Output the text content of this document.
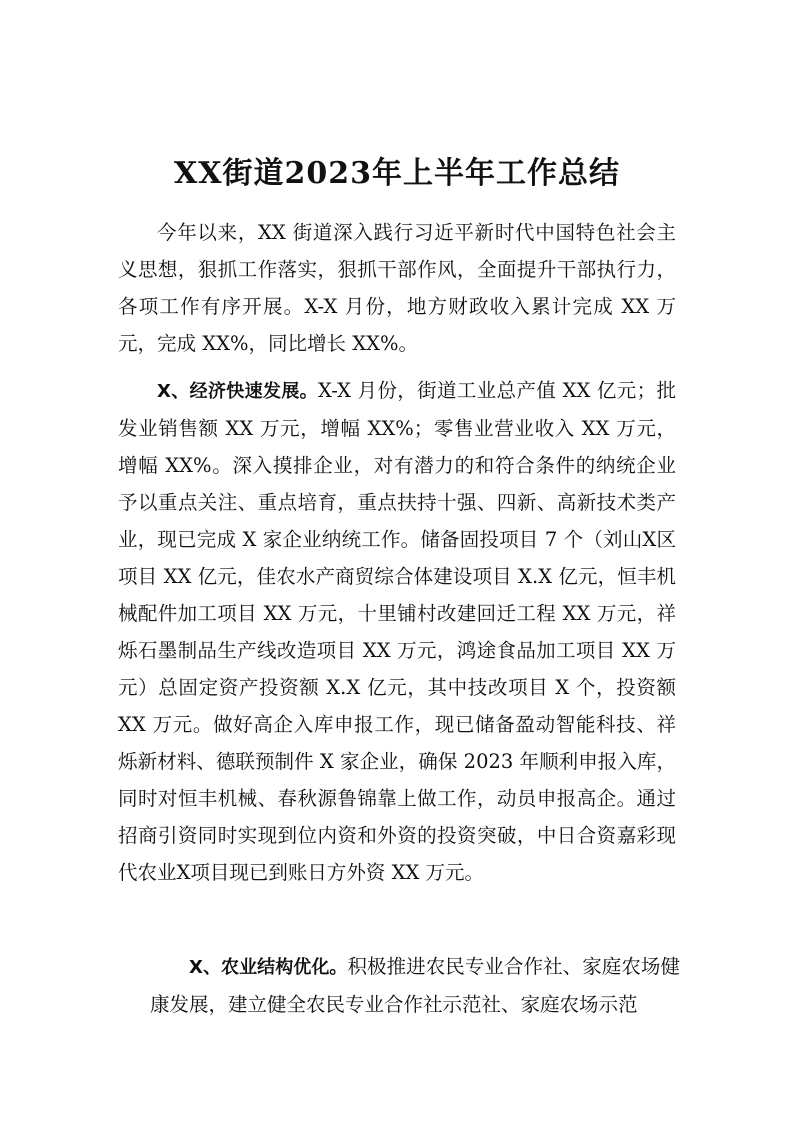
XX街道2023年上半年工作总结

今年以来，XX 街道深入践行习近平新时代中国特色社会主义思想，狠抓工作落实，狠抓干部作风，全面提升干部执行力，各项工作有序开展。X-X 月份，地方财政收入累计完成 XX 万元，完成 XX%，同比增长 XX%。

X、经济快速发展。X-X 月份，街道工业总产值 XX 亿元；批发业销售额 XX 万元，增幅 XX%；零售业营业收入 XX 万元，增幅 XX%。深入摸排企业，对有潜力的和符合条件的纳统企业予以重点关注、重点培育，重点扶持十强、四新、高新技术类产业，现已完成 X 家企业纳统工作。储备固投项目 7 个（刘山X区项目 XX 亿元，佳农水产商贸综合体建设项目 X.X 亿元，恒丰机械配件加工项目 XX 万元，十里铺村改建回迁工程 XX 万元，祥烁石墨制品生产线改造项目 XX 万元，鸿途食品加工项目 XX 万元）总固定资产投资额 X.X 亿元，其中技改项目 X 个，投资额 XX 万元。做好高企入库申报工作，现已储备盈动智能科技、祥烁新材料、德联预制件 X 家企业，确保 2023 年顺利申报入库，同时对恒丰机械、春秋源鲁锦靠上做工作，动员申报高企。通过招商引资同时实现到位内资和外资的投资突破，中日合资嘉彩现代农业X项目现已到账日方外资 XX 万元。

X、农业结构优化。积极推进农民专业合作社、家庭农场健康发展，建立健全农民专业合作社示范社、家庭农场示范
